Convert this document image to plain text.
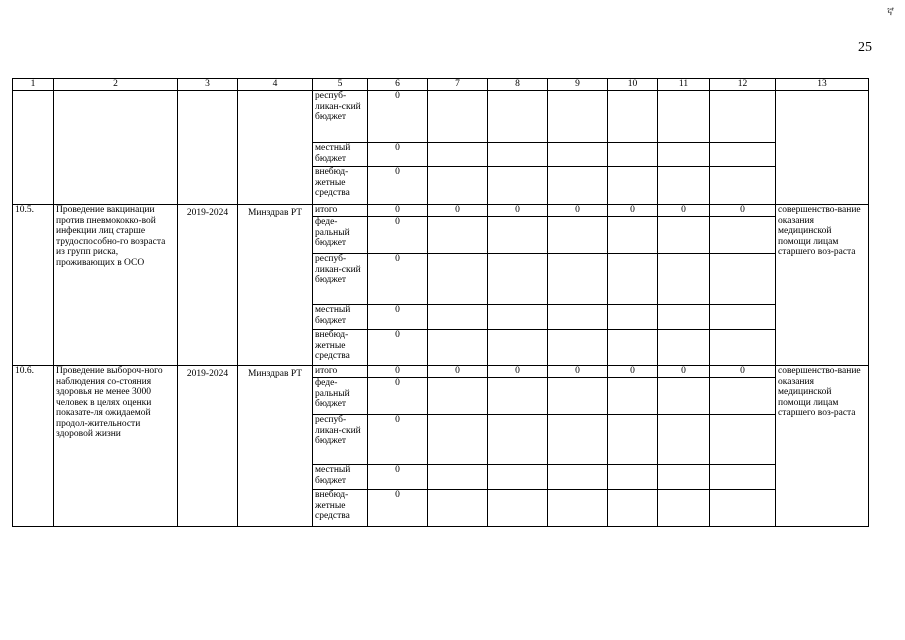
25
ኛ
1	2	3	4	5	6	7	8	9	10	11	12	13
				респуб-ликан-ский бюджет	0							
				местный бюджет	0							
				внебюд-жетные средства	0							
10.5.	Проведение вакцинации против пневмококко-вой инфекции лиц старше трудоспособно-го возраста из групп риска, проживающих в ОСО	2019-2024	Минздрав РТ	итого	0	0	0	0	0	0	0	совершенство-вание оказания медицинской помощи лицам старшего воз-раста
				феде-ральный бюджет	0							
				респуб-ликан-ский бюджет	0							
				местный бюджет	0							
				внебюд-жетные средства	0							
10.6.	Проведение выбороч-ного наблюдения со-стояния здоровья не менее 3000 человек в целях оценки показате-ля ожидаемой продол-жительности здоровой жизни	2019-2024	Минздрав РТ	итого	0	0	0	0	0	0	0	совершенство-вание оказания медицинской помощи лицам старшего воз-раста
				феде-ральный бюджет	0							
				респуб-ликан-ский бюджет	0							
				местный бюджет	0							
				внебюд-жетные средства	0							
